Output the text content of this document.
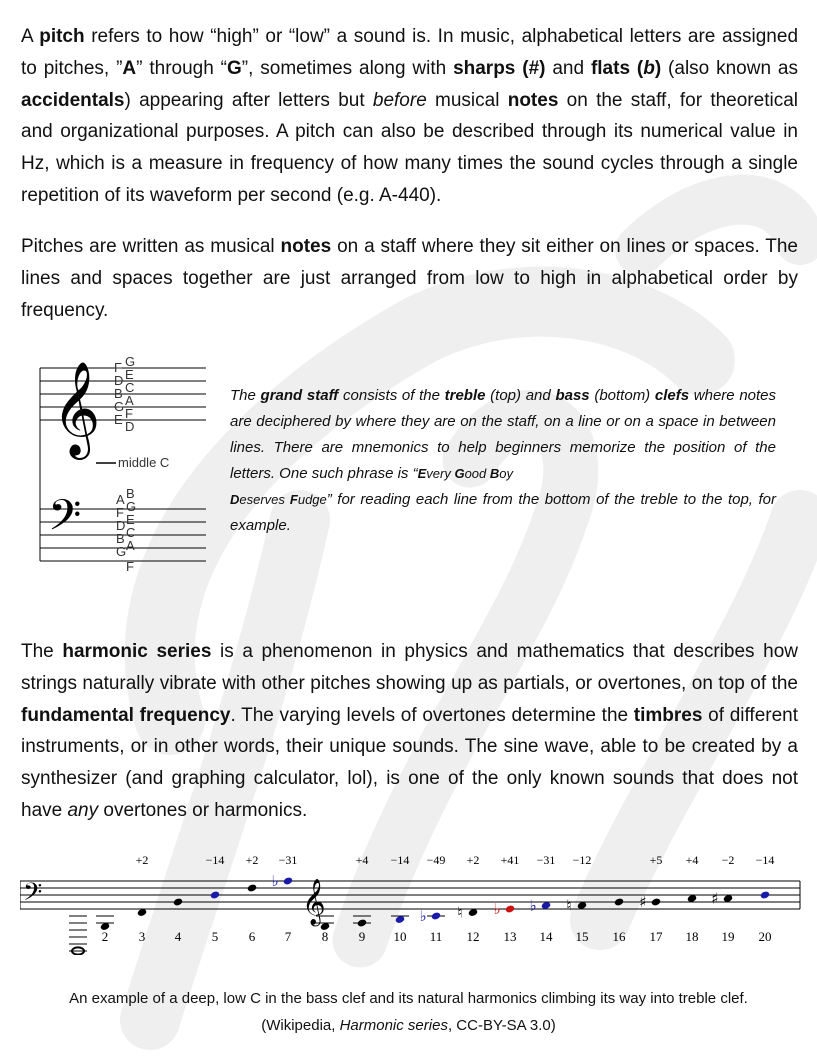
A pitch refers to how “high” or “low” a sound is. In music, alphabetical letters are assigned to pitches, ”A” through “G”, sometimes along with sharps (#) and flats (b) (also known as accidentals) appearing after letters but before musical notes on the staff, for theoretical and organizational purposes. A pitch can also be described through its numerical value in Hz, which is a measure in frequency of how many times the sound cycles through a single repetition of its waveform per second (e.g. A-440).

Pitches are written as musical notes on a staff where they sit either on lines or spaces. The lines and spaces together are just arranged from low to high in alphabetical order by frequency.

𝄞
𝄢
F
D
B
G
E
G
E
C
A
F
D
middle C
A
F
D
B
G
B
G
E
C
A
F

The grand staff consists of the treble (top) and bass (bottom) clefs where notes are deciphered by where they are on the staff, on a line or on a space in between lines. There are mnemonics to help beginners memorize the position of the letters. One such phrase is “Every Good Boy
Deserves Fudge” for reading each line from the bottom of the treble to the top, for example.

The harmonic series is a phenomenon in physics and mathematics that describes how strings naturally vibrate with other pitches showing up as partials, or overtones, on top of the fundamental frequency. The varying levels of overtones determine the timbres of different instruments, or in other words, their unique sounds. The sine wave, able to be created by a synthesizer (and graphing calculator, lol), is one of the only known sounds that does not have any overtones or harmonics.

𝄢	𝄞
2
+2
3 4
−14
5
+2
6
♭
−31
7 8
+4
9
−14
10
♭
−49
11
♮
+2
12
♭
+41
13
♭
−31
14
♮
−12
15 16
♯
+5
17
+4
18
♯
−2
19
−14
20

An example of a deep, low C in the bass clef and its natural harmonics climbing its way into treble clef.

(Wikipedia, Harmonic series, CC-BY-SA 3.0)
